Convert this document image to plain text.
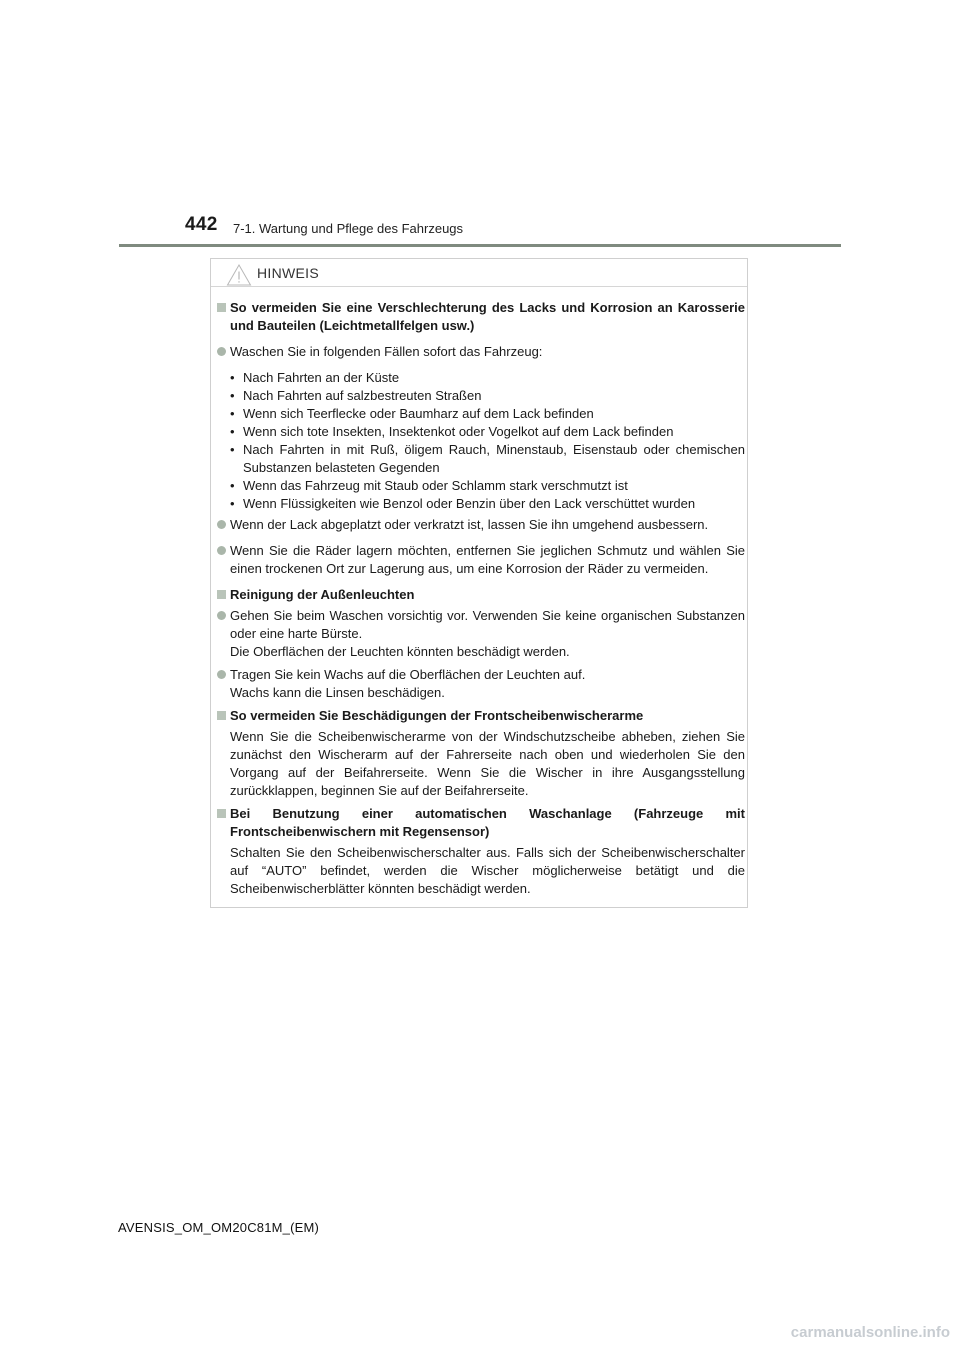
442 7-1. Wartung und Pflege des Fahrzeugs
HINWEIS
So vermeiden Sie eine Verschlechterung des Lacks und Korrosion an Karosserie und Bauteilen (Leichtmetallfelgen usw.)
Waschen Sie in folgenden Fällen sofort das Fahrzeug:
• Nach Fahrten an der Küste
• Nach Fahrten auf salzbestreuten Straßen
• Wenn sich Teerflecke oder Baumharz auf dem Lack befinden
• Wenn sich tote Insekten, Insektenkot oder Vogelkot auf dem Lack befinden
• Nach Fahrten in mit Ruß, öligem Rauch, Minenstaub, Eisenstaub oder chemischen Substanzen belasteten Gegenden
• Wenn das Fahrzeug mit Staub oder Schlamm stark verschmutzt ist
• Wenn Flüssigkeiten wie Benzol oder Benzin über den Lack verschüttet wurden
Wenn der Lack abgeplatzt oder verkratzt ist, lassen Sie ihn umgehend ausbessern.
Wenn Sie die Räder lagern möchten, entfernen Sie jeglichen Schmutz und wählen Sie einen trockenen Ort zur Lagerung aus, um eine Korrosion der Räder zu vermeiden.
Reinigung der Außenleuchten
Gehen Sie beim Waschen vorsichtig vor. Verwenden Sie keine organischen Substanzen oder eine harte Bürste.
Die Oberflächen der Leuchten könnten beschädigt werden.
Tragen Sie kein Wachs auf die Oberflächen der Leuchten auf.
Wachs kann die Linsen beschädigen.
So vermeiden Sie Beschädigungen der Frontscheibenwischerarme
Wenn Sie die Scheibenwischerarme von der Windschutzscheibe abheben, ziehen Sie zunächst den Wischerarm auf der Fahrerseite nach oben und wiederholen Sie den Vorgang auf der Beifahrerseite. Wenn Sie die Wischer in ihre Ausgangsstellung zurückklappen, beginnen Sie auf der Beifahrerseite.
Bei Benutzung einer automatischen Waschanlage (Fahrzeuge mit Frontscheibenwischern mit Regensensor)
Schalten Sie den Scheibenwischerschalter aus. Falls sich der Scheibenwischerschalter auf “AUTO” befindet, werden die Wischer möglicherweise betätigt und die Scheibenwischerblätter könnten beschädigt werden.
AVENSIS_OM_OM20C81M_(EM)
carmanualsonline.info
